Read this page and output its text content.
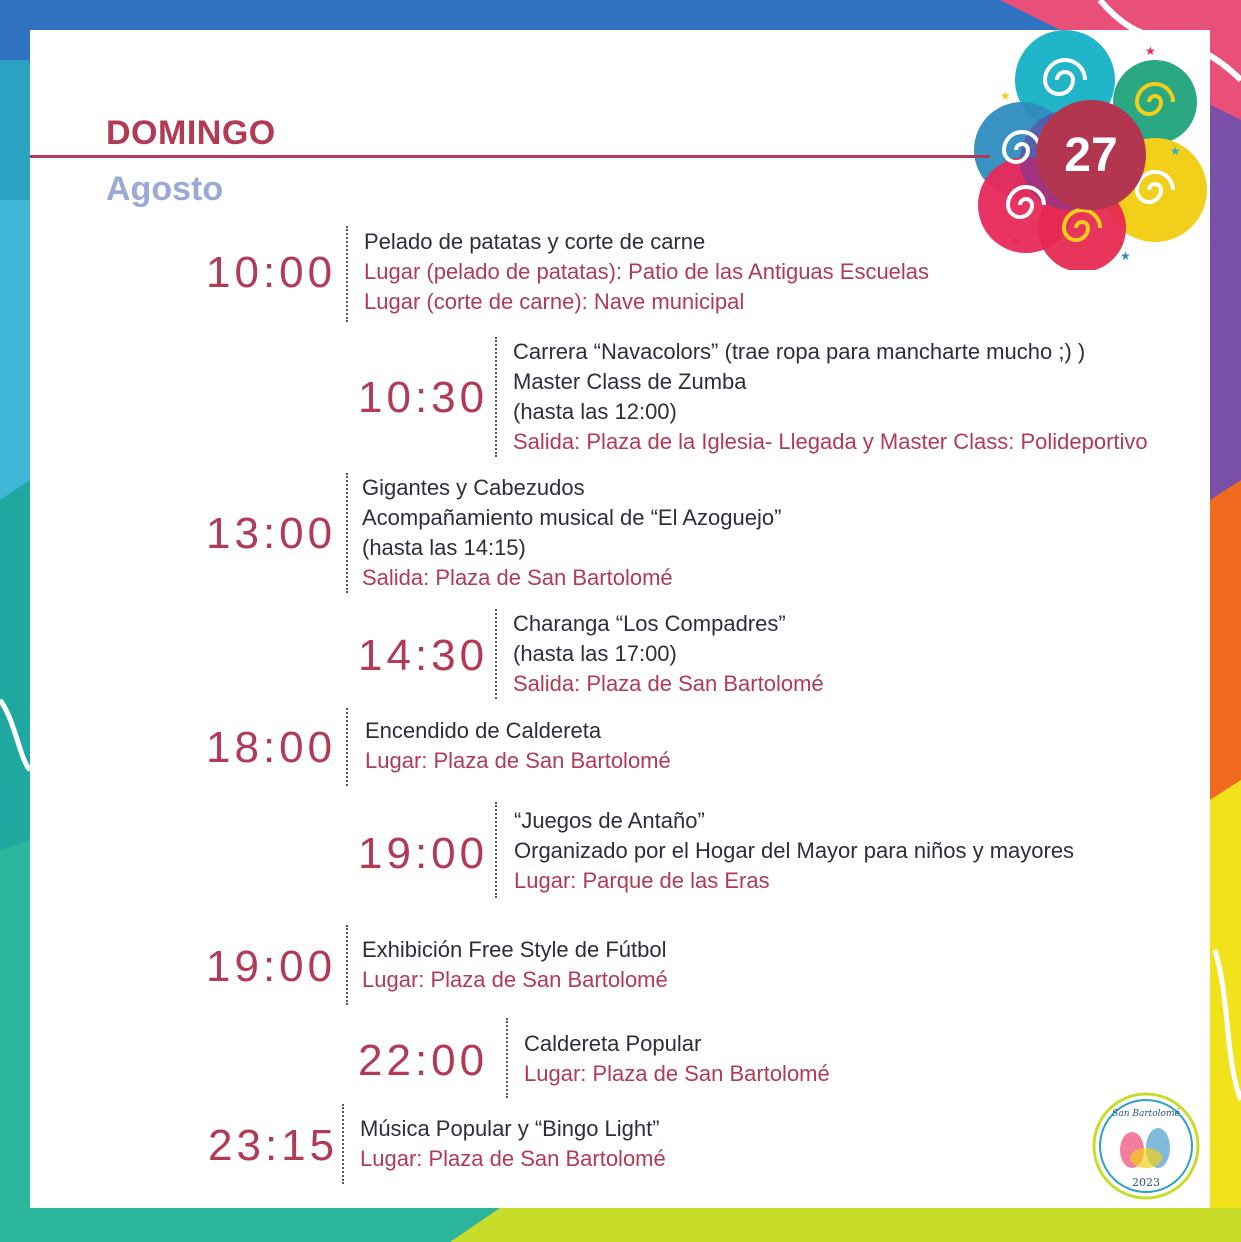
★
★
★
★
★
DOMINGO
Agosto
27
10:00
Pelado de patatas y corte de carne
Lugar (pelado de patatas): Patio de las Antiguas Escuelas
Lugar (corte de carne): Nave municipal
10:30
Carrera “Navacolors” (trae ropa para mancharte mucho ;) )
Master Class de Zumba
(hasta las 12:00)
Salida: Plaza de la Iglesia- Llegada y Master Class: Polideportivo
13:00
Gigantes y Cabezudos
Acompañamiento musical de “El Azoguejo”
(hasta las 14:15)
Salida: Plaza de San Bartolomé
14:30
Charanga “Los Compadres”
(hasta las 17:00)
Salida: Plaza de San Bartolomé
18:00 Encendido de Caldereta
Lugar: Plaza de San Bartolomé
19:00
“Juegos de Antaño”
Organizado por el Hogar del Mayor para niños y mayores
Lugar: Parque de las Eras
19:00 Exhibición Free Style de Fútbol
Lugar: Plaza de San Bartolomé
22:00 Caldereta Popular
Lugar: Plaza de San Bartolomé
23:15 Música Popular y “Bingo Light”
Lugar: Plaza de San Bartolomé
San Bartolomé
2023
